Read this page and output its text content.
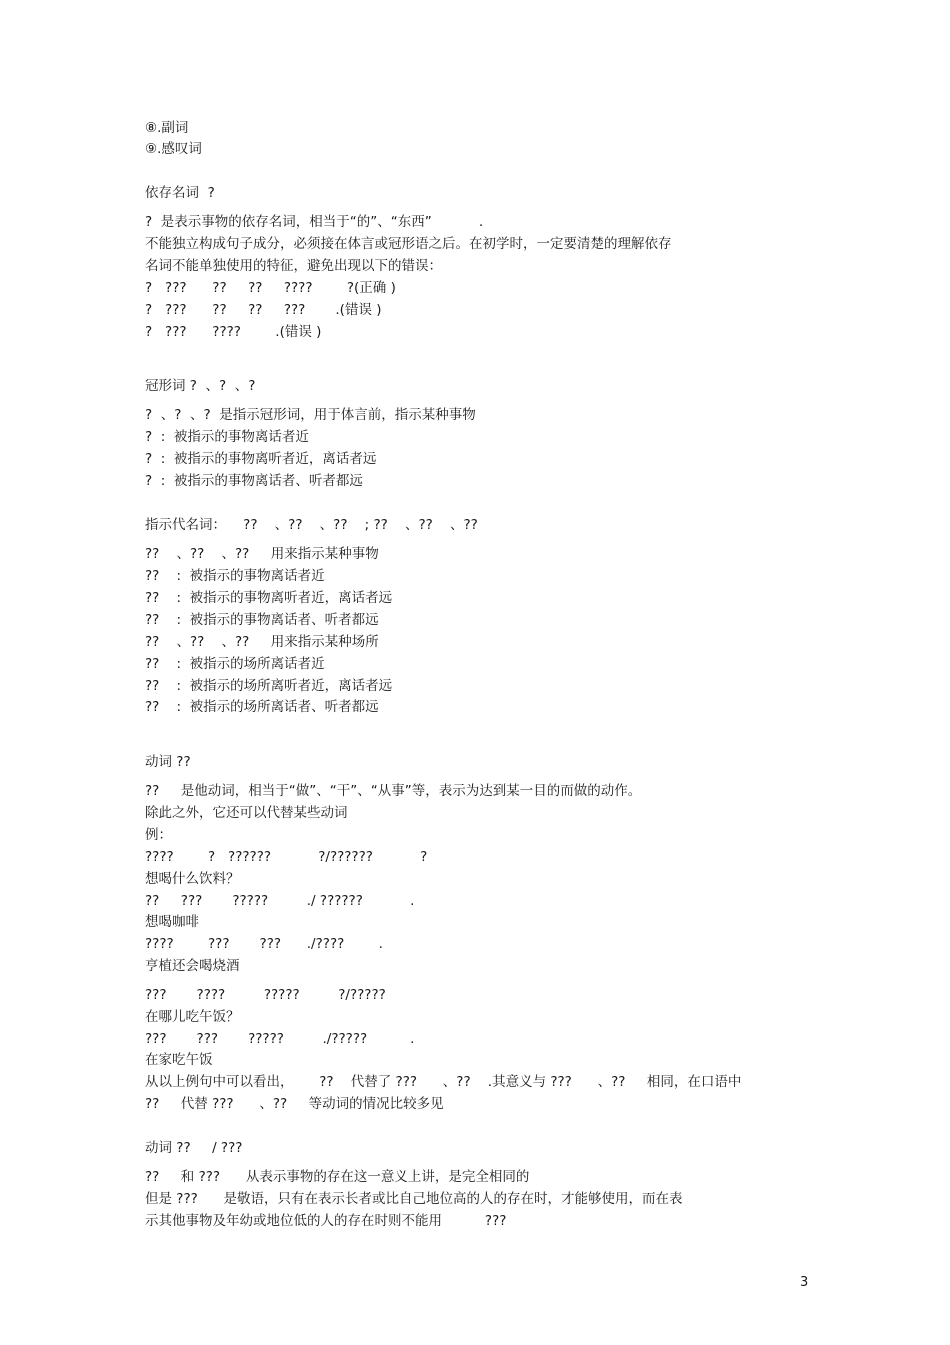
⑧.副词
⑨.感叹词
依存名词  ?
?  是表示事物的依存名词，相当于“的”、“东西”           .
不能独立构成句子成分，必须接在体言或冠形语之后。在初学时，一定要清楚的理解依存
名词不能单独使用的特征，避免出现以下的错误：
?   ???      ??     ??     ????        ?(正确 )
?   ???      ??     ??     ???       .(错误 )
?   ???      ????        .(错误 )
冠形词 ?  、?  、?
?  、?  、?  是指示冠形词，用于体言前，指示某种事物
?  :  被指示的事物离话者近
?  :  被指示的事物离听者近，离话者远
?  :  被指示的事物离话者、听者都远
指示代名词：    ??    、??    、??    ; ??    、??    、??
??    、??    、??     用来指示某种事物
??    :  被指示的事物离话者近
??    :  被指示的事物离听者近，离话者远
??    :  被指示的事物离话者、听者都远
??    、??    、??     用来指示某种场所
??    :  被指示的场所离话者近
??    :  被指示的场所离听者近，离话者远
??    :  被指示的场所离话者、听者都远
动词 ??
??     是他动词，相当于“做”、“干”、“从事”等，表示为达到某一目的而做的动作。
除此之外，它还可以代替某些动词
例：
????        ?   ??????           ?/??????           ?
想喝什么饮料？
??     ???       ?????         ./ ??????           .
想喝咖啡
????        ???       ???      ./????        .
亨植还会喝烧酒
???       ????         ?????         ?/?????
在哪儿吃午饭？
???       ???       ?????         ./?????          .
在家吃午饭
从以上例句中可以看出，      ??    代替了 ???      、??    .其意义与 ???      、??     相同，在口语中
??     代替 ???      、??     等动词的情况比较多见
动词 ??     / ???
??     和 ???      从表示事物的存在这一意义上讲，是完全相同的
但是 ???      是敬语，只有在表示长者或比自己地位高的人的存在时，才能够使用，而在表
示其他事物及年幼或地位低的人的存在时则不能用          ???
3
